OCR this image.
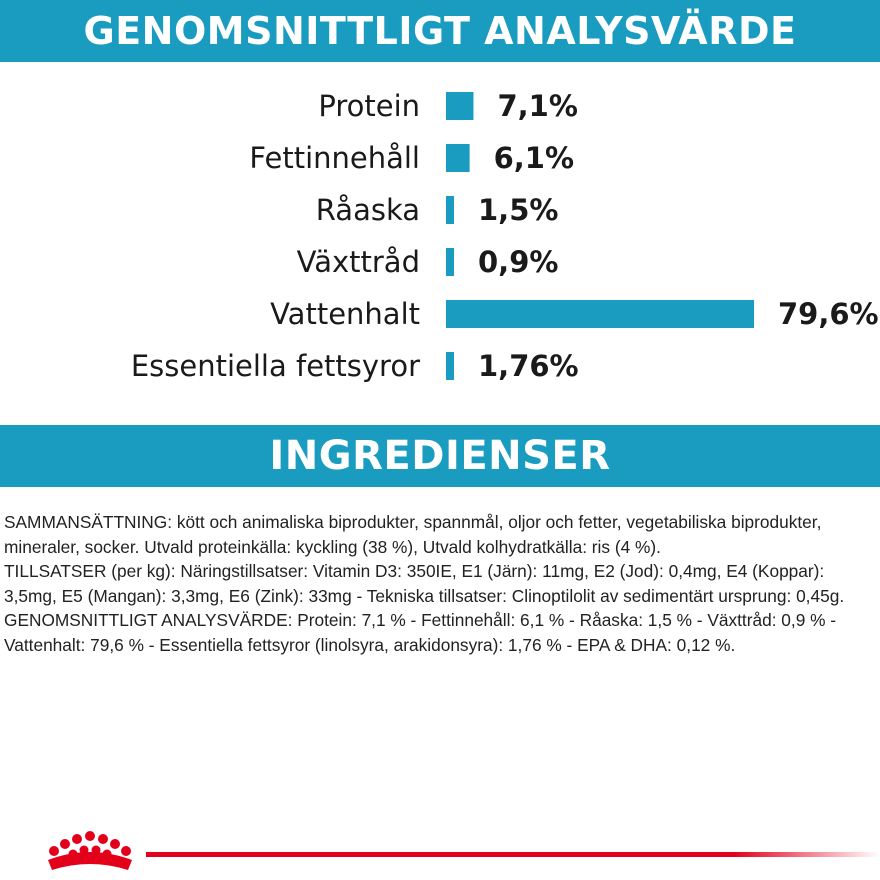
GENOMSNITTLIGT ANALYSVÄRDE
Protein	7,1%
Fettinnehåll	6,1%
Råaska 1,5%
Växttråd 0,9%
Vattenhalt	79,6%
Essentiella fettsyror 1,76%
INGREDIENSER

SAMMANSÄTTNING: kött och animaliska biprodukter, spannmål, oljor och fetter, vegetabiliska biprodukter, mineraler, socker. Utvald proteinkälla: kyckling (38 %), Utvald kolhydratkälla: ris (4 %).

TILLSATSER (per kg): Näringstillsatser: Vitamin D3: 350IE, E1 (Järn): 11mg, E2 (Jod): 0,4mg, E4 (Koppar): 3,5mg, E5 (Mangan): 3,3mg, E6 (Zink): 33mg - Tekniska tillsatser: Clinoptilolit av sedimentärt ursprung: 0,45g.

GENOMSNITTLIGT ANALYSVÄRDE: Protein: 7,1 % - Fettinnehåll: 6,1 % - Råaska: 1,5 % - Växttråd: 0,9 % - Vattenhalt: 79,6 % - Essentiella fettsyror (linolsyra, arakidonsyra): 1,76 % - EPA & DHA: 0,12 %.
